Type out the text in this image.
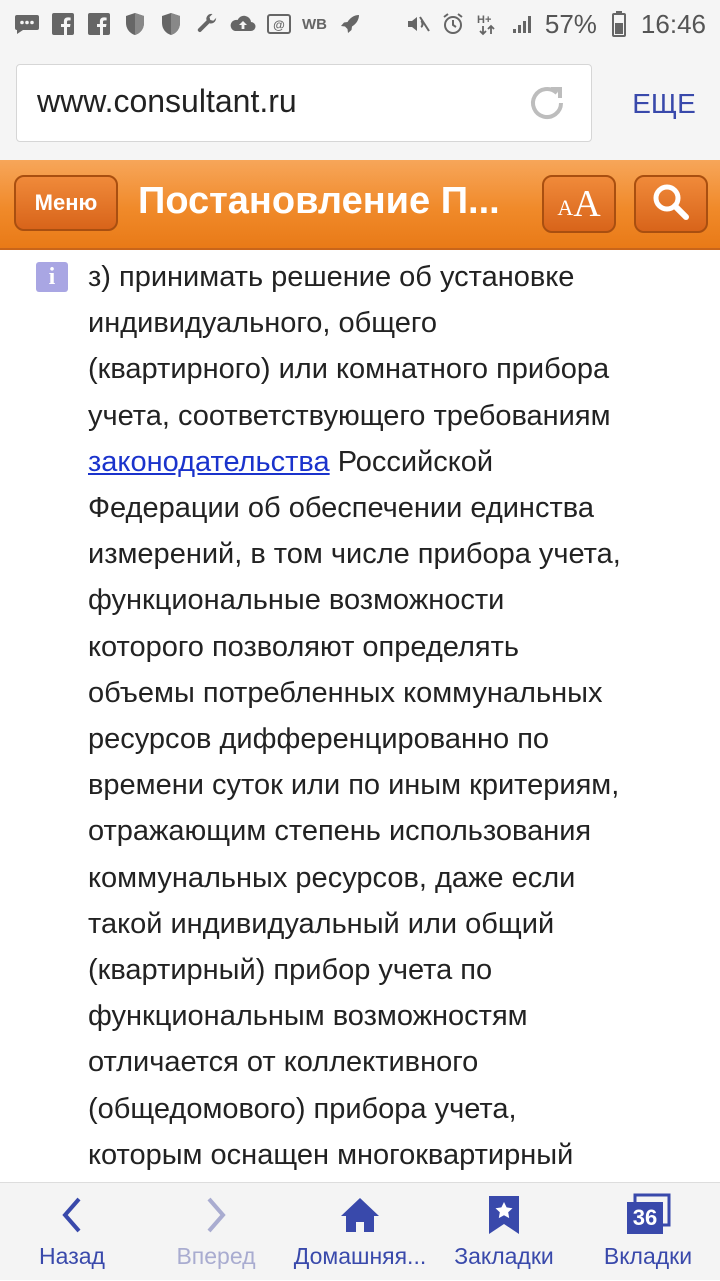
@ WB	H+ 57% 16:46
www.consultant.ru	ЕЩЕ
Меню	Постановление П...	A A
i	з) принимать решение об установке
индивидуального, общего
(квартирного) или комнатного прибора
учета, соответствующего требованиям
законодательства Российской
Федерации об обеспечении единства
измерений, в том числе прибора учета,
функциональные возможности
которого позволяют определять
объемы потребленных коммунальных
ресурсов дифференцированно по
времени суток или по иным критериям,
отражающим степень использования
коммунальных ресурсов, даже если
такой индивидуальный или общий
(квартирный) прибор учета по
функциональным возможностям
отличается от коллективного
(общедомового) прибора учета,
которым оснащен многоквартирный
Назад	Вперед Домашняя... Закладки
36
Вкладки
